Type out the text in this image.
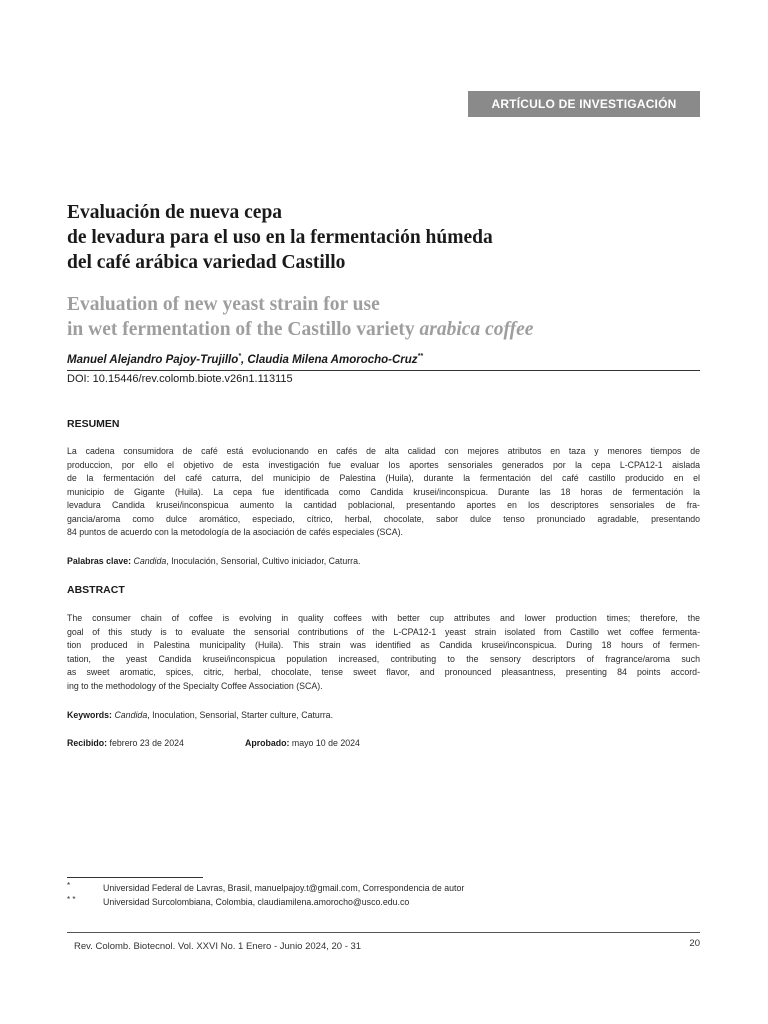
ARTÍCULO DE INVESTIGACIÓN
Evaluación de nueva cepa
de levadura para el uso en la fermentación húmeda
del café arábica variedad Castillo
Evaluation of new yeast strain for use
in wet fermentation of the Castillo variety arabica coffee
Manuel Alejandro Pajoy-Trujillo*, Claudia Milena Amorocho-Cruz**
DOI: 10.15446/rev.colomb.biote.v26n1.113115
RESUMEN
La cadena consumidora de café está evolucionando en cafés de alta calidad con mejores atributos en taza y menores tiempos de
produccion, por ello el objetivo de esta investigación fue evaluar los aportes sensoriales generados por la cepa L-CPA12-1 aislada
de la fermentación del café caturra, del municipio de Palestina (Huila), durante la fermentación del café castillo producido en el
municipio de Gigante (Huila). La cepa fue identificada como Candida krusei/inconspicua. Durante las 18 horas de fermentación la
levadura Candida krusei/inconspicua aumento la cantidad poblacional, presentando aportes en los descriptores sensoriales de fra-
gancia/aroma como dulce aromático, especiado, cítrico, herbal, chocolate, sabor dulce tenso pronunciado agradable, presentando
84 puntos de acuerdo con la metodología de la asociación de cafés especiales (SCA).
Palabras clave: Candida, Inoculación, Sensorial, Cultivo iniciador, Caturra.
ABSTRACT
The consumer chain of coffee is evolving in quality coffees with better cup attributes and lower production times; therefore, the
goal of this study is to evaluate the sensorial contributions of the L-CPA12-1 yeast strain isolated from Castillo wet coffee fermenta-
tion produced in Palestina municipality (Huila). This strain was identified as Candida krusei/inconspicua. During 18 hours of fermen-
tation, the yeast Candida krusei/inconspicua population increased, contributing to the sensory descriptors of fragrance/aroma such
as sweet aromatic, spices, citric, herbal, chocolate, tense sweet flavor, and pronounced pleasantness, presenting 84 points accord-
ing to the methodology of the Specialty Coffee Association (SCA).
Keywords: Candida, Inoculation, Sensorial, Starter culture, Caturra.
Recibido: febrero 23 de 2024	Aprobado: mayo 10 de 2024
*	Universidad Federal de Lavras, Brasil, manuelpajoy.t@gmail.com, Correspondencia de autor
* *	Universidad Surcolombiana, Colombia, claudiamilena.amorocho@usco.edu.co
Rev. Colomb. Biotecnol. Vol. XXVI No. 1 Enero - Junio 2024, 20 - 31	20
